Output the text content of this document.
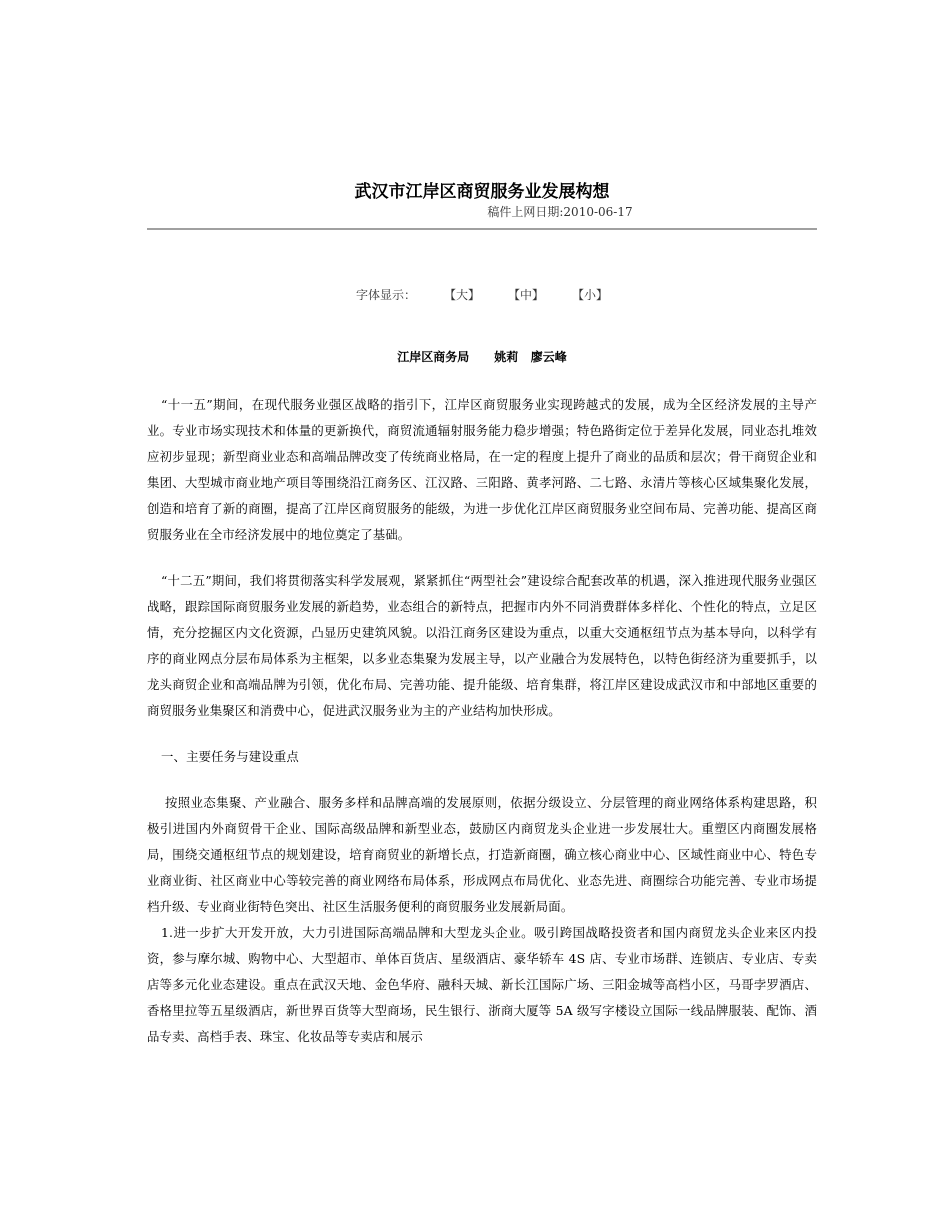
武汉市江岸区商贸服务业发展构想
稿件上网日期:2010-06-17
字体显示： 【大】 【中】 【小】
江岸区商务局      姚莉   廖云峰

“十一五”期间，在现代服务业强区战略的指引下，江岸区商贸服务业实现跨越式的发展，成为全区经济发展的主导产业。专业市场实现技术和体量的更新换代，商贸流通辐射服务能力稳步增强；特色路街定位于差异化发展，同业态扎堆效应初步显现；新型商业业态和高端品牌改变了传统商业格局，在一定的程度上提升了商业的品质和层次；骨干商贸企业和集团、大型城市商业地产项目等围绕沿江商务区、江汉路、三阳路、黄孝河路、二七路、永清片等核心区域集聚化发展，创造和培育了新的商圈，提高了江岸区商贸服务的能级，为进一步优化江岸区商贸服务业空间布局、完善功能、提高区商贸服务业在全市经济发展中的地位奠定了基础。

“十二五”期间，我们将贯彻落实科学发展观，紧紧抓住“两型社会”建设综合配套改革的机遇，深入推进现代服务业强区战略，跟踪国际商贸服务业发展的新趋势，业态组合的新特点，把握市内外不同消费群体多样化、个性化的特点，立足区情，充分挖掘区内文化资源，凸显历史建筑风貌。以沿江商务区建设为重点，以重大交通枢纽节点为基本导向，以科学有序的商业网点分层布局体系为主框架，以多业态集聚为发展主导，以产业融合为发展特色，以特色街经济为重要抓手，以龙头商贸企业和高端品牌为引领，优化布局、完善功能、提升能级、培育集群，将江岸区建设成武汉市和中部地区重要的商贸服务业集聚区和消费中心，促进武汉服务业为主的产业结构加快形成。

一、主要任务与建设重点

按照业态集聚、产业融合、服务多样和品牌高端的发展原则，依据分级设立、分层管理的商业网络体系构建思路，积极引进国内外商贸骨干企业、国际高级品牌和新型业态，鼓励区内商贸龙头企业进一步发展壮大。重塑区内商圈发展格局，围绕交通枢纽节点的规划建设，培育商贸业的新增长点，打造新商圈，确立核心商业中心、区域性商业中心、特色专业商业街、社区商业中心等较完善的商业网络布局体系，形成网点布局优化、业态先进、商圈综合功能完善、专业市场提档升级、专业商业街特色突出、社区生活服务便利的商贸服务业发展新局面。

1.进一步扩大开发开放，大力引进国际高端品牌和大型龙头企业。吸引跨国战略投资者和国内商贸龙头企业来区内投资，参与摩尔城、购物中心、大型超市、单体百货店、星级酒店、豪华轿车 4S 店、专业市场群、连锁店、专业店、专卖店等多元化业态建设。重点在武汉天地、金色华府、融科天城、新长江国际广场、三阳金城等高档小区，马哥孛罗酒店、香格里拉等五星级酒店，新世界百货等大型商场，民生银行、浙商大厦等 5A 级写字楼设立国际一线品牌服装、配饰、酒品专卖、高档手表、珠宝、化妆品等专卖店和展示
